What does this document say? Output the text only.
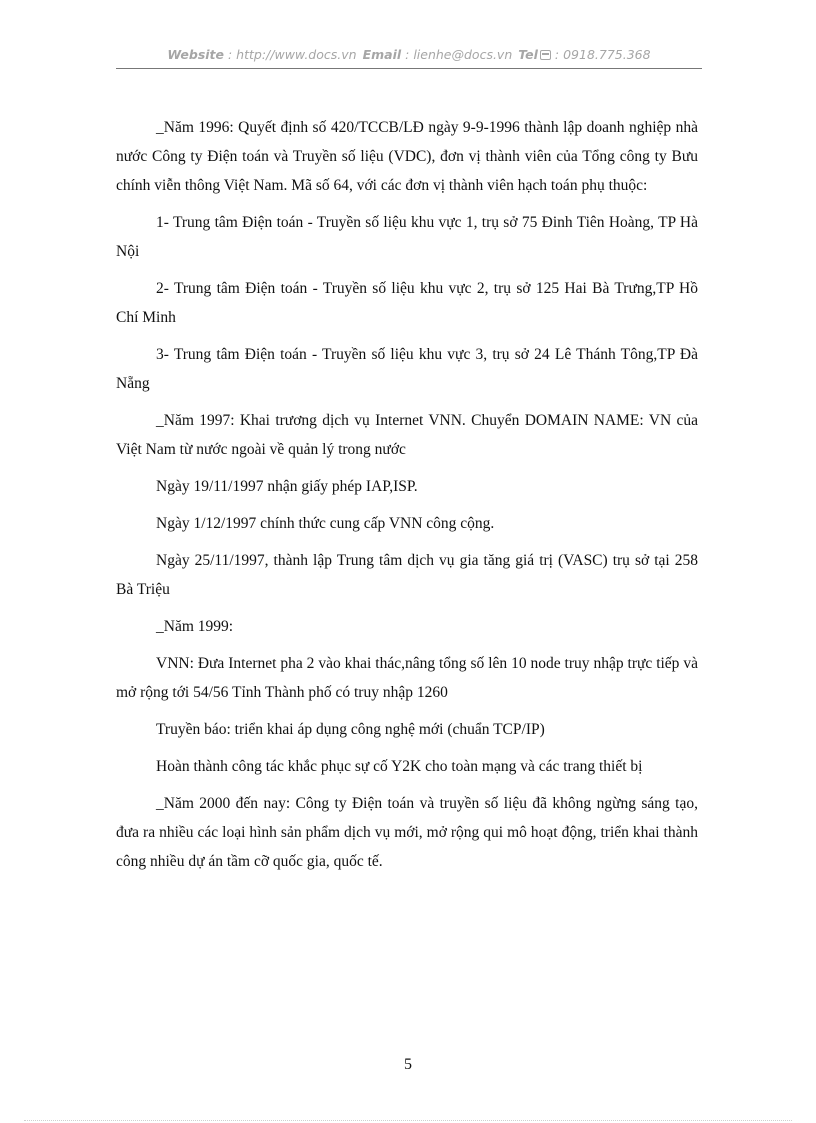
Website : http://www.docs.vn Email : lienhe@docs.vn Tel : 0918.775.368

_Năm 1996: Quyết định số 420/TCCB/LĐ ngày 9-9-1996 thành lập doanh nghiệp nhà nước Công ty Điện toán và Truyền số liệu (VDC), đơn vị thành viên của Tổng công ty Bưu chính viễn thông Việt Nam. Mã số 64, với các đơn vị thành viên hạch toán phụ thuộc:

1- Trung tâm Điện toán - Truyền số liệu khu vực 1, trụ sở 75 Đinh Tiên Hoàng, TP Hà Nội

2- Trung tâm Điện toán - Truyền số liệu khu vực 2, trụ sở 125 Hai Bà Trưng,TP Hồ Chí Minh

3- Trung tâm Điện toán - Truyền số liệu khu vực 3, trụ sở 24 Lê Thánh Tông,TP Đà Nẵng

_Năm 1997: Khai trương dịch vụ Internet VNN. Chuyển DOMAIN NAME: VN của Việt Nam từ nước ngoài về quản lý trong nước

Ngày 19/11/1997 nhận giấy phép IAP,ISP.

Ngày 1/12/1997 chính thức cung cấp VNN công cộng.

Ngày 25/11/1997, thành lập Trung tâm dịch vụ gia tăng giá trị (VASC) trụ sở tại 258 Bà Triệu

_Năm 1999:

VNN: Đưa Internet pha 2 vào khai thác,nâng tổng số lên 10 node truy nhập trực tiếp và mở rộng tới 54/56 Tỉnh Thành phố có truy nhập 1260

Truyền báo: triển khai áp dụng công nghệ mới (chuẩn TCP/IP)

Hoàn thành công tác khắc phục sự cố Y2K cho toàn mạng và các trang thiết bị

_Năm 2000 đến nay: Công ty Điện toán và truyền số liệu đã không ngừng sáng tạo, đưa ra nhiều các loại hình sản phẩm dịch vụ mới, mở rộng qui mô hoạt động, triển khai thành công nhiều dự án tầm cỡ quốc gia, quốc tế.

5
